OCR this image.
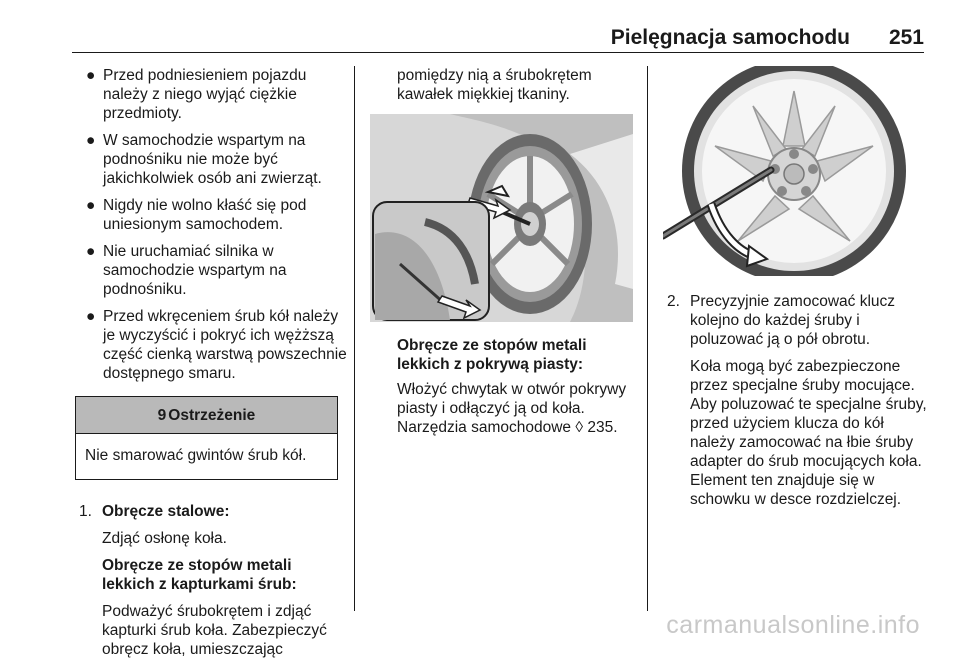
Pielęgnacja samochodu 251
● Przed podniesieniem pojazdu należy z niego wyjąć ciężkie przedmioty.
● W samochodzie wspartym na podnośniku nie może być jakichkolwiek osób ani zwierząt.
● Nigdy nie wolno kłaść się pod uniesionym samochodem.
● Nie uruchamiać silnika w samochodzie wspartym na podnośniku.
● Przed wkręceniem śrub kół należy je wyczyścić i pokryć ich wężższą część cienką warstwą powszechnie dostępnego smaru.
9 Ostrzeżenie
Nie smarować gwintów śrub kół.
1. Obręcze stalowe:

Zdjąć osłonę koła.

Obręcze ze stopów metali lekkich z kapturkami śrub:

Podważyć śrubokrętem i zdjąć kapturki śrub koła. Zabezpieczyć obręcz koła, umieszczając

pomiędzy nią a śrubokrętem kawałek miękkiej tkaniny.
Obręcze ze stopów metali lekkich z pokrywą piasty:
Włożyć chwytak w otwór pokrywy piasty i odłączyć ją od koła.
Narzędzia samochodowe ◊ 235.
2. Precyzyjnie zamocować klucz kolejno do każdej śruby i poluzować ją o pół obrotu.

Koła mogą być zabezpieczone przez specjalne śruby mocujące. Aby poluzować te specjalne śruby, przed użyciem klucza do kół należy zamocować na łbie śruby adapter do śrub mocujących koła. Element ten znajduje się w schowku w desce rozdzielczej.

carmanualsonline.info
